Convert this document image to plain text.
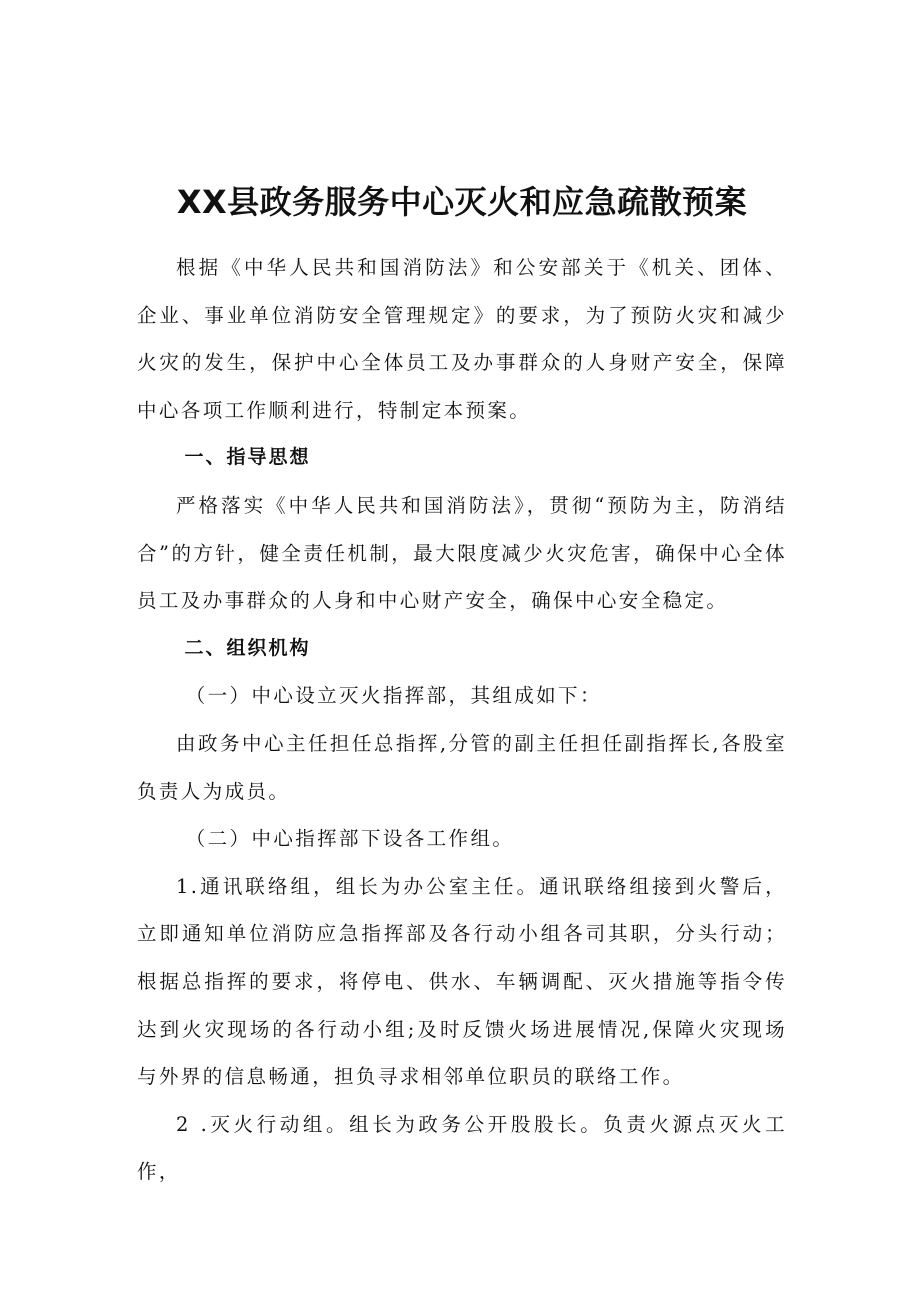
XX县政务服务中心灭火和应急疏散预案

根据《中华人民共和国消防法》和公安部关于《机关、团体、企业、事业单位消防安全管理规定》的要求，为了预防火灾和减少火灾的发生，保护中心全体员工及办事群众的人身财产安全，保障中心各项工作顺利进行，特制定本预案。

一、指导思想

严格落实《中华人民共和国消防法》，贯彻“预防为主，防消结合”的方针，健全责任机制，最大限度减少火灾危害，确保中心全体员工及办事群众的人身和中心财产安全，确保中心安全稳定。

二、组织机构

（一）中心设立灭火指挥部，其组成如下：

由政务中心主任担任总指挥,分管的副主任担任副指挥长,各股室负责人为成员。

（二）中心指挥部下设各工作组。

1.通讯联络组，组长为办公室主任。通讯联络组接到火警后，立即通知单位消防应急指挥部及各行动小组各司其职，分头行动；根据总指挥的要求，将停电、供水、车辆调配、灭火措施等指令传达到火灾现场的各行动小组;及时反馈火场进展情况,保障火灾现场与外界的信息畅通，担负寻求相邻单位职员的联络工作。

2 .灭火行动组。组长为政务公开股股长。负责火源点灭火工作，
